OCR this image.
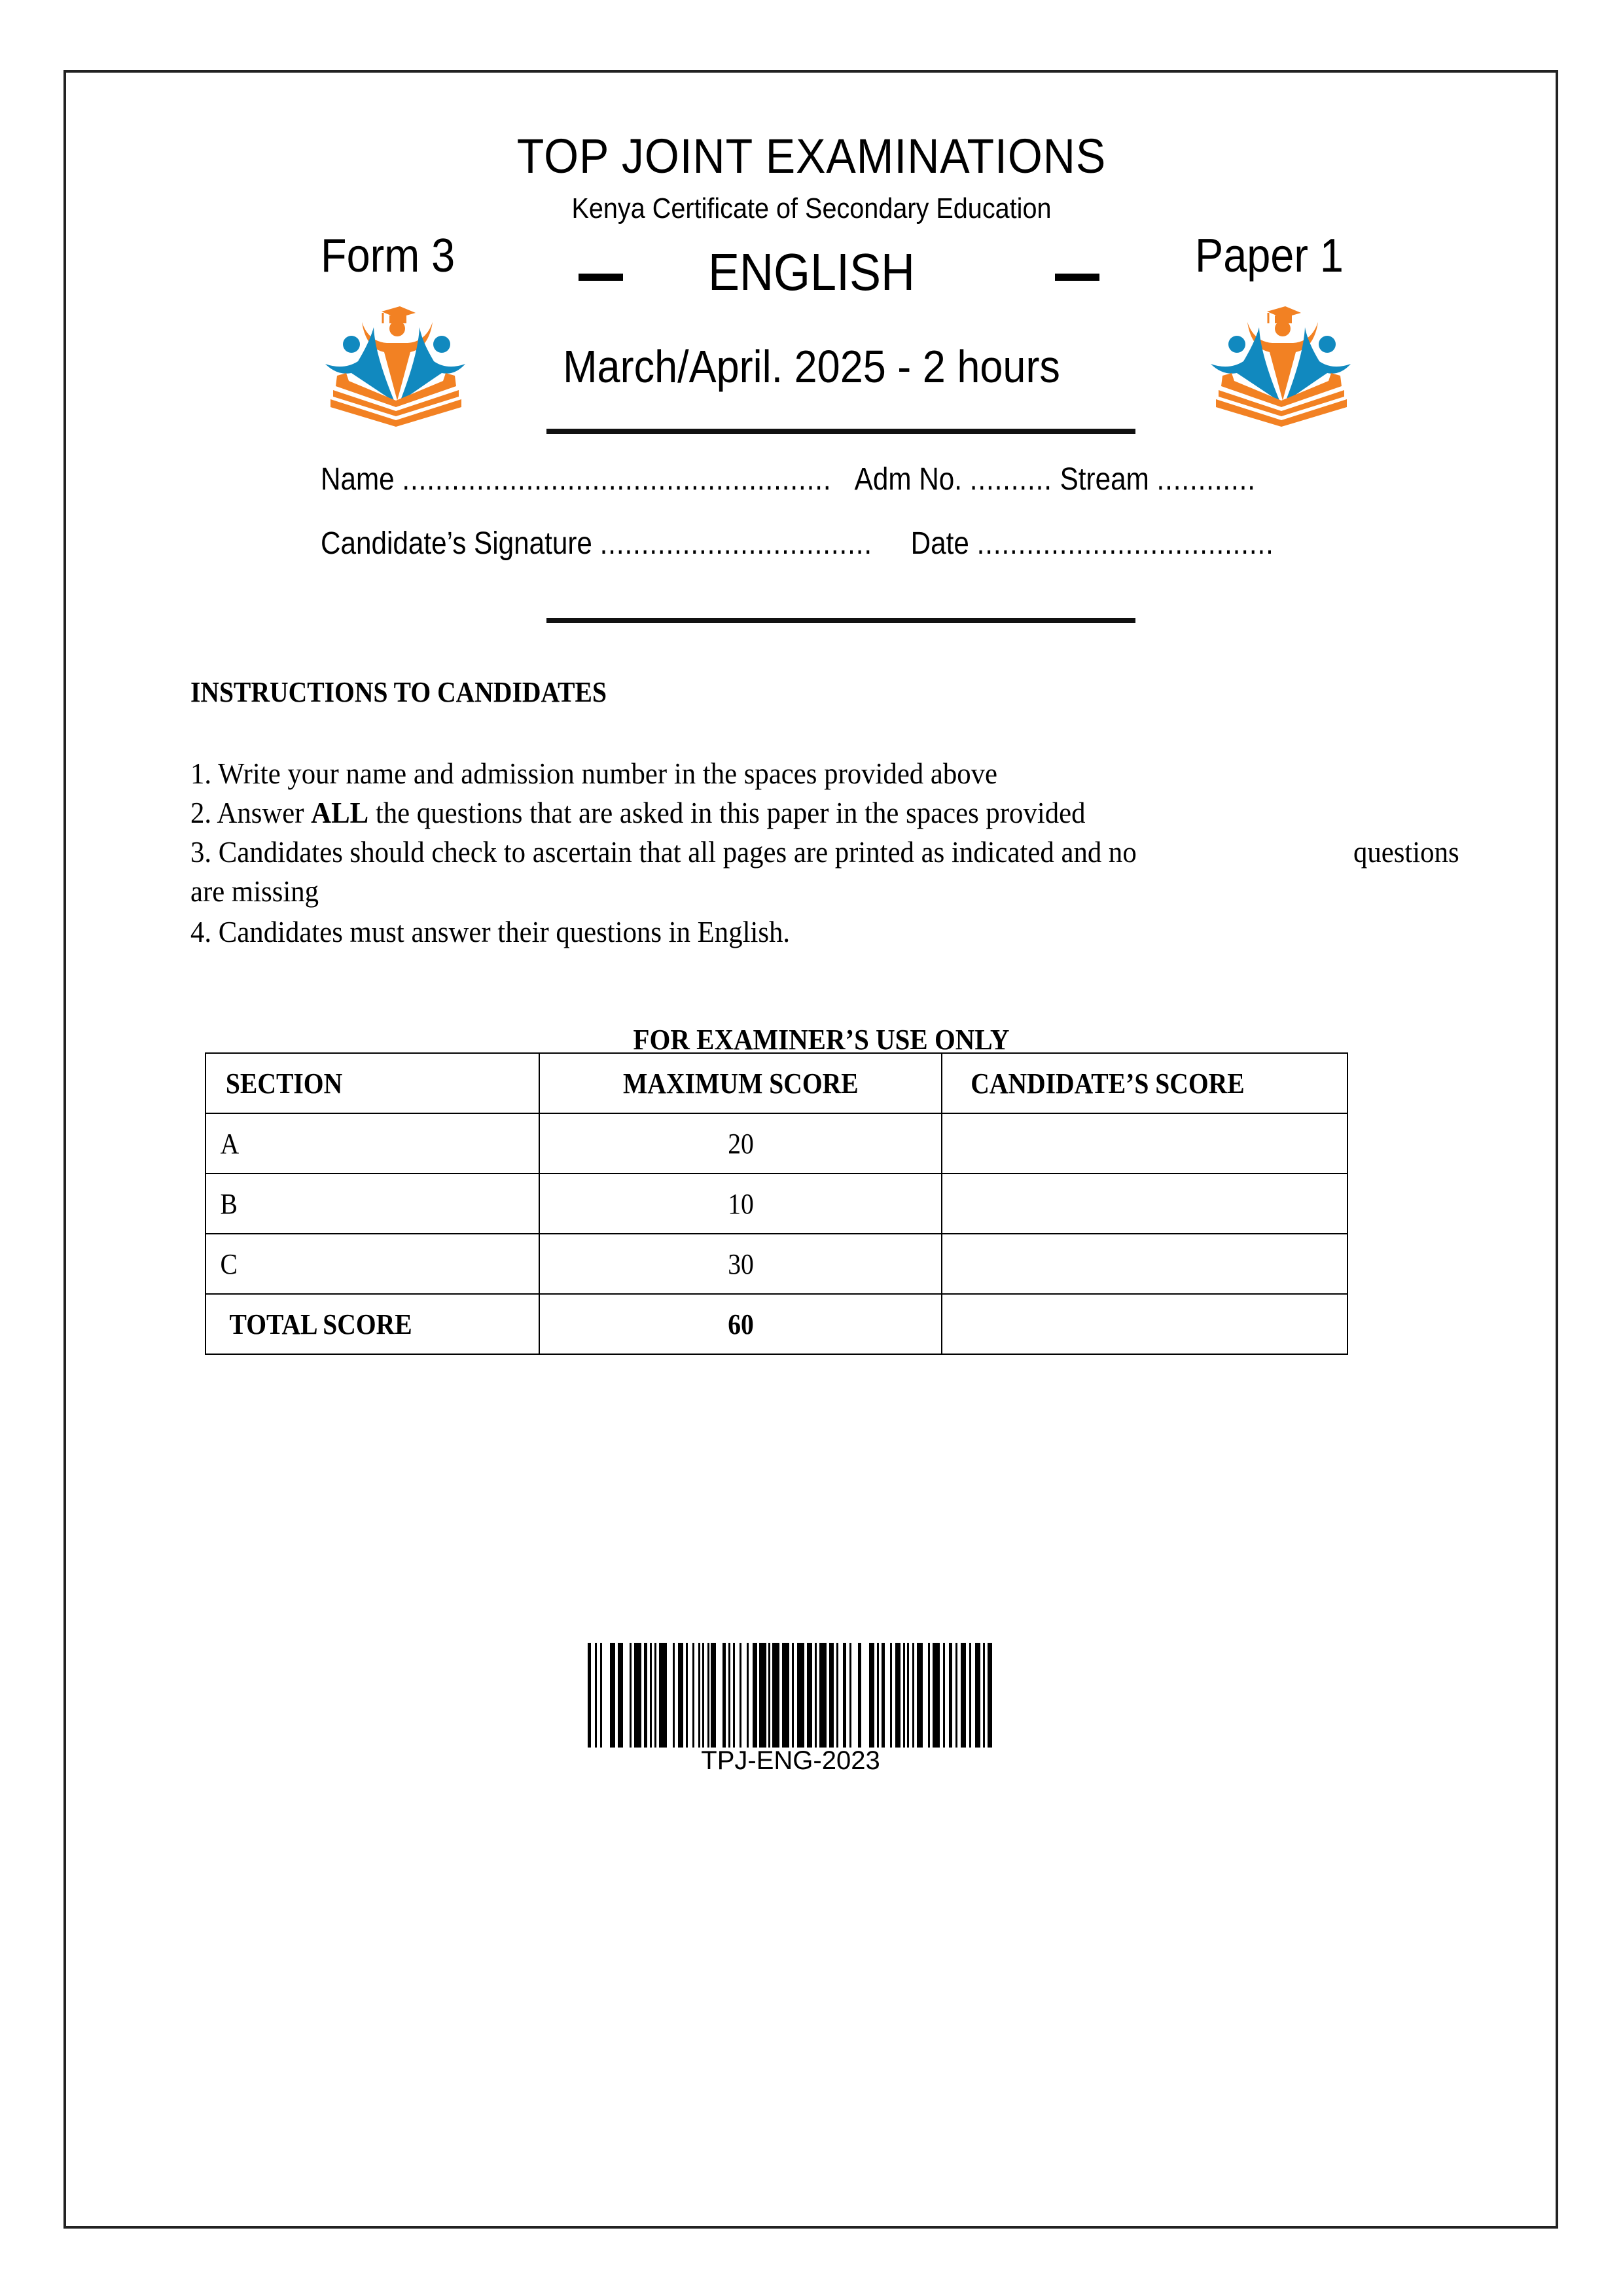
TOP JOINT EXAMINATIONS
Kenya Certificate of Secondary Education
Form 3	ENGLISH	Paper 1
March/April. 2025 - 2 hours
Name .................................................... Adm No. .......... Stream ............
Candidate’s Signature ................................. Date ....................................
INSTRUCTIONS TO CANDIDATES
1. Write your name and admission number in the spaces provided above
2. Answer ALL the questions that are asked in this paper in the spaces provided
3. Candidates should check to ascertain that all pages are printed as indicated and no	questions
are missing
4. Candidates must answer their questions in English.
FOR EXAMINER’S USE ONLY
SECTION	MAXIMUM SCORE	CANDIDATE’S SCORE
A	20	
B	10	
C	30	
TOTAL SCORE	60	
TPJ-ENG-2023
